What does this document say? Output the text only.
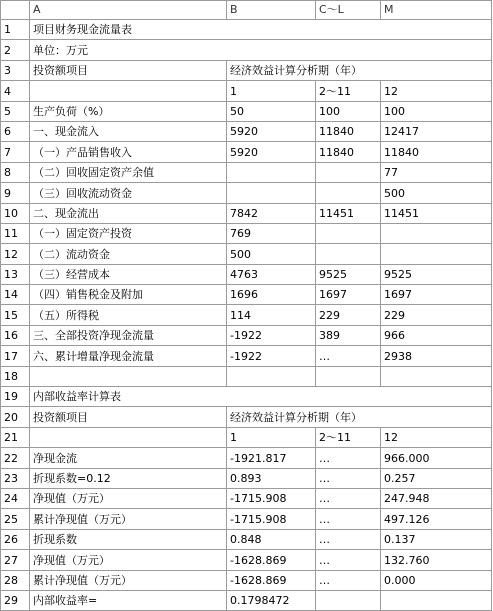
	A	B	C～L	M
1	项目财务现金流量表			
2	单位：万元			
3	投资额项目	经济效益计算分析期（年）		
4		1	2～11	12
5	生产负荷（%）	50	100	100
6	一、现金流入	5920	11840	12417
7	（一）产品销售收入	5920	11840	11840
8	（二）回收固定资产余值			77
9	（三）回收流动资金			500
10	二、现金流出	7842	11451	11451
11	（一）固定资产投资	769		
12	（二）流动资金	500		
13	（三）经营成本	4763	9525	9525
14	（四）销售税金及附加	1696	1697	1697
15	（五）所得税	114	229	229
16	三、全部投资净现金流量	-1922	389	966
17	六、累计增量净现金流量	-1922	…	2938
18				
19	内部收益率计算表			
20	投资额项目	经济效益计算分析期（年）		
21		1	2～11	12
22	净现金流	-1921.817	…	966.000
23	折现系数=0.12	0.893	…	0.257
24	净现值（万元）	-1715.908	…	247.948
25	累计净现值（万元）	-1715.908	…	497.126
26	折现系数	0.848	…	0.137
27	净现值（万元）	-1628.869	…	132.760
28	累计净现值（万元）	-1628.869	…	0.000
29	内部收益率=	0.1798472		
